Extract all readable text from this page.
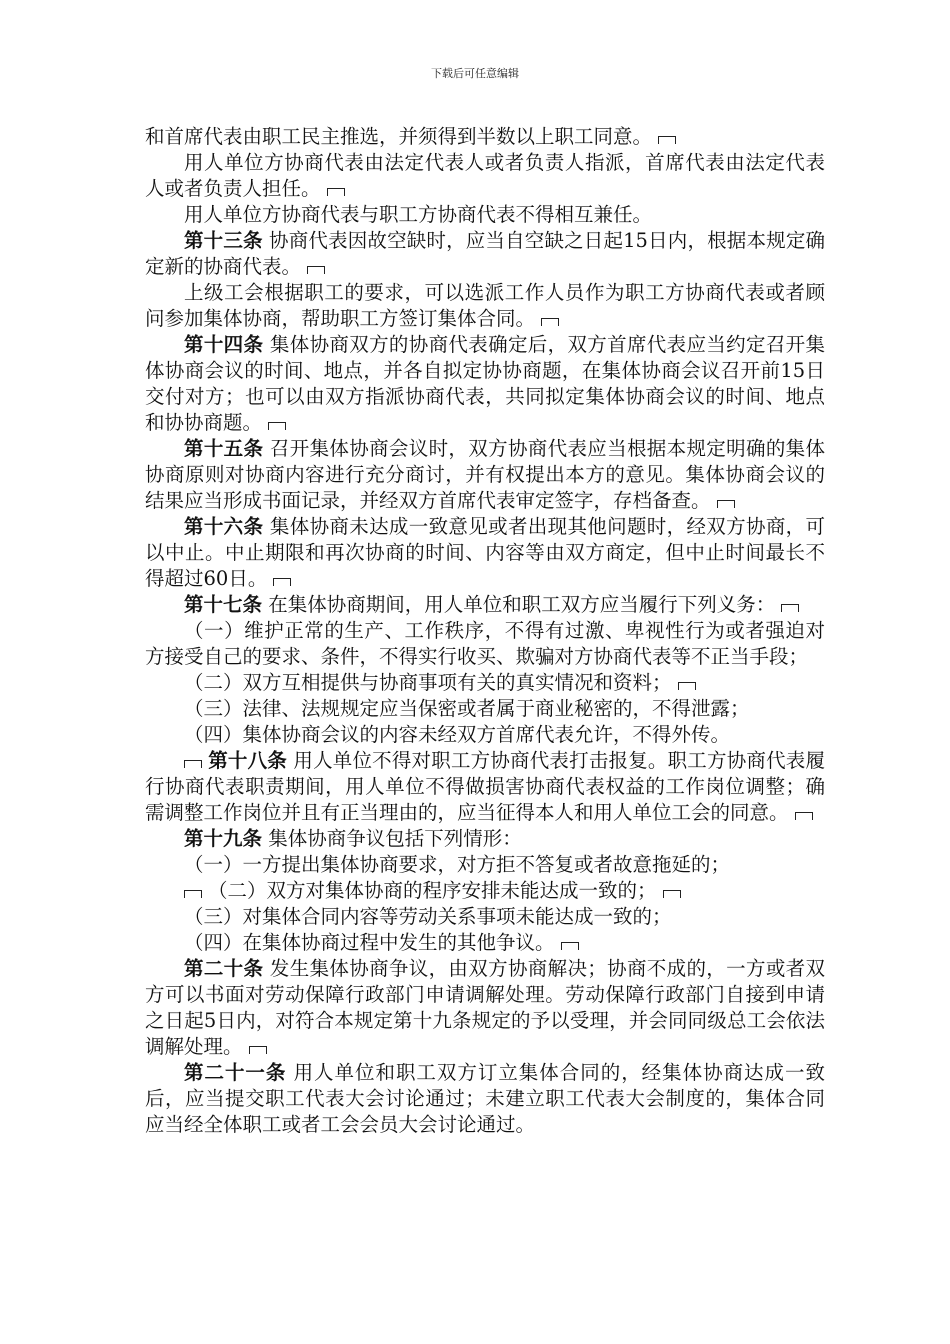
下载后可任意编辑

和首席代表由职工民主推选，并须得到半数以上职工同意。

用人单位方协商代表由法定代表人或者负责人指派，首席代表由法定代表人或者负责人担任。

用人单位方协商代表与职工方协商代表不得相互兼任。

第十三条 协商代表因故空缺时，应当自空缺之日起15日内，根据本规定确定新的协商代表。

上级工会根据职工的要求，可以选派工作人员作为职工方协商代表或者顾问参加集体协商，帮助职工方签订集体合同。

第十四条 集体协商双方的协商代表确定后，双方首席代表应当约定召开集体协商会议的时间、地点，并各自拟定协协商题，在集体协商会议召开前15日交付对方；也可以由双方指派协商代表，共同拟定集体协商会议的时间、地点和协协商题。

第十五条 召开集体协商会议时，双方协商代表应当根据本规定明确的集体协商原则对协商内容进行充分商讨，并有权提出本方的意见。集体协商会议的结果应当形成书面记录，并经双方首席代表审定签字，存档备查。

第十六条 集体协商未达成一致意见或者出现其他问题时，经双方协商，可以中止。中止期限和再次协商的时间、内容等由双方商定，但中止时间最长不得超过60日。

第十七条 在集体协商期间，用人单位和职工双方应当履行下列义务：

（一）维护正常的生产、工作秩序，不得有过激、卑视性行为或者强迫对方接受自己的要求、条件，不得实行收买、欺骗对方协商代表等不正当手段；

（二）双方互相提供与协商事项有关的真实情况和资料；

（三）法律、法规规定应当保密或者属于商业秘密的，不得泄露；

（四）集体协商会议的内容未经双方首席代表允许，不得外传。

第十八条 用人单位不得对职工方协商代表打击报复。职工方协商代表履行协商代表职责期间，用人单位不得做损害协商代表权益的工作岗位调整；确需调整工作岗位并且有正当理由的，应当征得本人和用人单位工会的同意。

第十九条 集体协商争议包括下列情形：

（一）一方提出集体协商要求，对方拒不答复或者故意拖延的；

（二）双方对集体协商的程序安排未能达成一致的；

（三）对集体合同内容等劳动关系事项未能达成一致的；

（四）在集体协商过程中发生的其他争议。

第二十条 发生集体协商争议，由双方协商解决；协商不成的，一方或者双方可以书面对劳动保障行政部门申请调解处理。劳动保障行政部门自接到申请之日起5日内，对符合本规定第十九条规定的予以受理，并会同同级总工会依法调解处理。

第二十一条 用人单位和职工双方订立集体合同的，经集体协商达成一致后，应当提交职工代表大会讨论通过；未建立职工代表大会制度的，集体合同应当经全体职工或者工会会员大会讨论通过。
